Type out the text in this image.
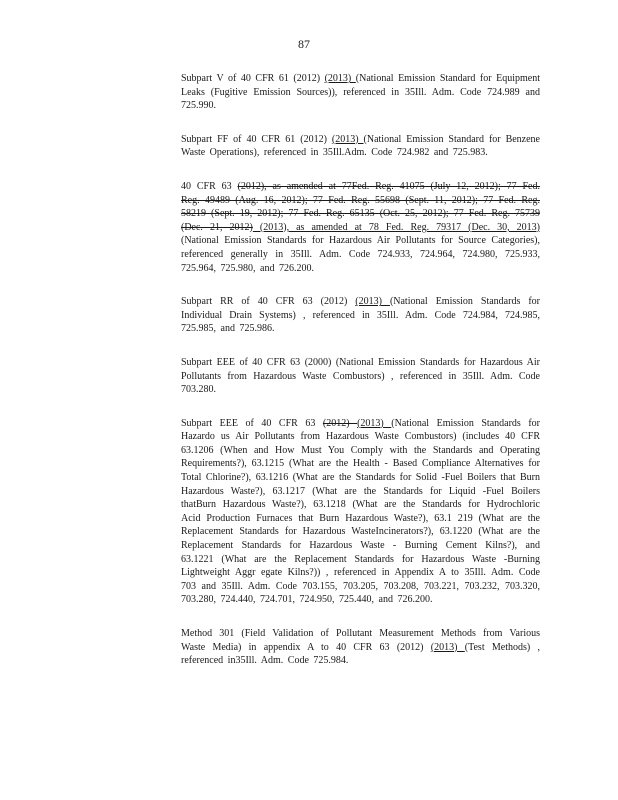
87

Subpart V of 40 CFR 61 (2012) (2013) (National Emission Standard for Equipment Leaks (Fugitive Emission Sources)), referenced in 35Ill. Adm. Code 724.989 and 725.990.

Subpart FF of 40 CFR 61 (2012) (2013) (National Emission Standard for Benzene Waste Operations), referenced in 35Ill.Adm. Code 724.982 and 725.983.

40 CFR 63 (2012), as amended at 77Fed. Reg. 41075 (July 12, 2012); 77 Fed. Reg. 49489 (Aug. 16, 2012); 77 Fed. Reg. 55698 (Sept. 11, 2012); 77 Fed. Reg. 58219 (Sept. 19, 2012); 77 Fed. Reg. 65135 (Oct. 25, 2012); 77 Fed. Reg. 75739 (Dec. 21, 2012) (2013), as amended at 78 Fed. Reg. 79317 (Dec. 30, 2013) (National Emission Standards for Hazardous Air Pollutants for Source Categories), referenced generally in 35Ill. Adm. Code 724.933, 724.964, 724.980, 725.933, 725.964, 725.980, and 726.200.

Subpart RR of 40 CFR 63 (2012) (2013) (National Emission Standards for Individual Drain Systems) , referenced in 35Ill. Adm. Code 724.984, 724.985, 725.985, and 725.986.

Subpart EEE of 40 CFR 63 (2000) (National Emission Standards for Hazardous Air Pollutants from Hazardous Waste Combustors) , referenced in 35Ill. Adm. Code 703.280.

Subpart EEE of 40 CFR 63 (2012) (2013) (National Emission Standards for Hazardo us Air Pollutants from Hazardous Waste Combustors) (includes 40 CFR 63.1206 (When and How Must You Comply with the Standards and Operating Requirements?), 63.1215 (What are the Health - Based Compliance Alternatives for Total Chlorine?), 63.1216 (What are the Standards for Solid -Fuel Boilers that Burn Hazardous Waste?), 63.1217 (What are the Standards for Liquid -Fuel Boilers thatBurn Hazardous Waste?), 63.1218 (What are the Standards for Hydrochloric Acid Production Furnaces that Burn Hazardous Waste?), 63.1 219 (What are the Replacement Standards for Hazardous WasteIncinerators?), 63.1220 (What are the Replacement Standards for Hazardous Waste - Burning Cement Kilns?), and 63.1221 (What are the Replacement Standards for Hazardous Waste -Burning Lightweight Aggr egate Kilns?)) , referenced in Appendix A to 35Ill. Adm. Code 703 and 35Ill. Adm. Code 703.155, 703.205, 703.208, 703.221, 703.232, 703.320, 703.280, 724.440, 724.701, 724.950, 725.440, and 726.200.

Method 301 (Field Validation of Pollutant Measurement Methods from Various Waste Media) in appendix A to 40 CFR 63 (2012) (2013) (Test Methods) , referenced in35Ill. Adm. Code 725.984.
